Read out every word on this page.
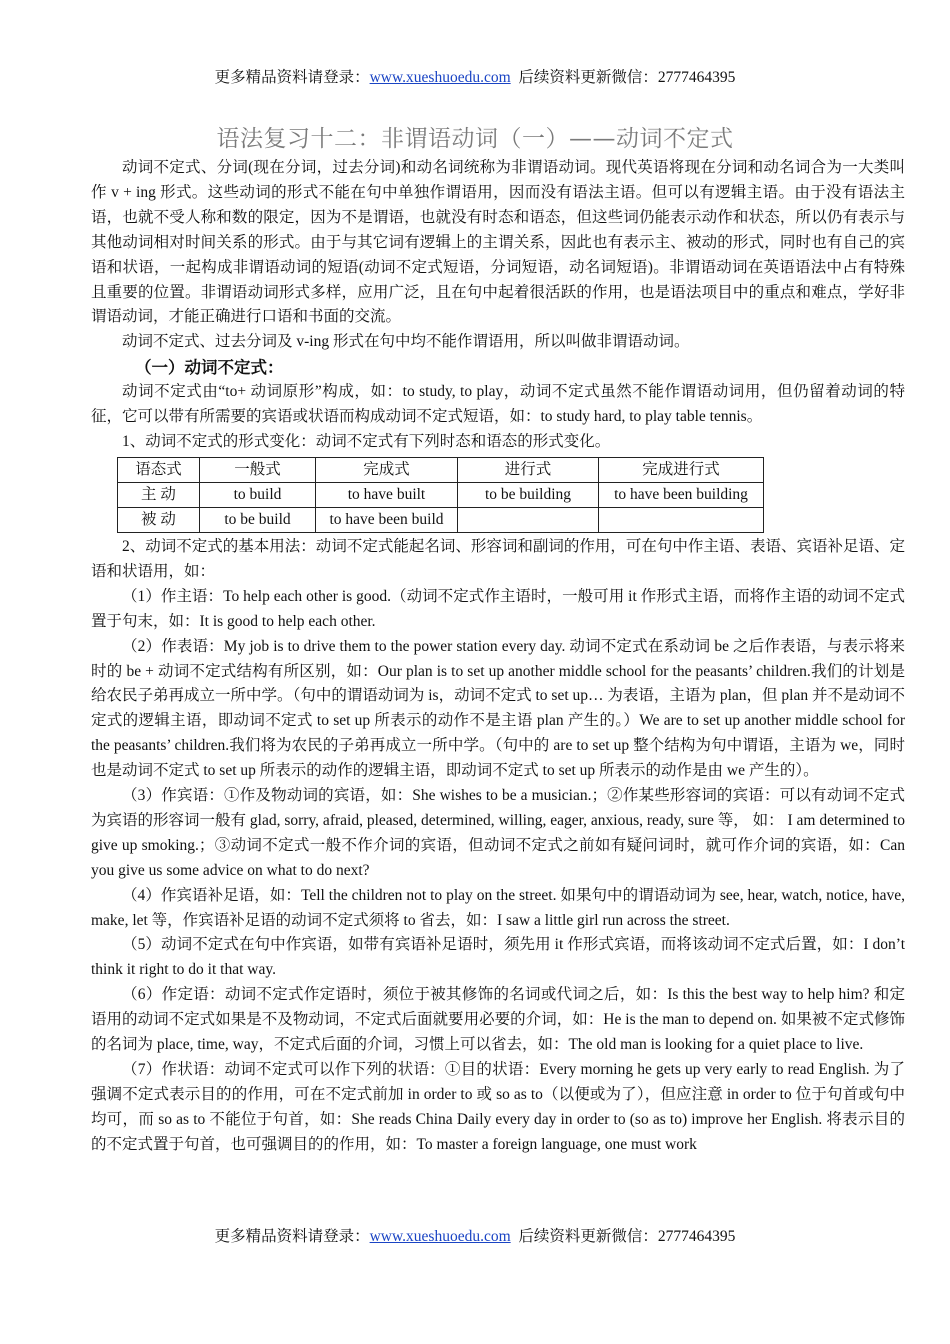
更多精品资料请登录：www.xueshuoedu.com  后续资料更新微信：2777464395
语法复习十二：非谓语动词（一）——动词不定式

动词不定式、分词(现在分词，过去分词)和动名词统称为非谓语动词。现代英语将现在分词和动名词合为一大类叫作 v + ing 形式。这些动词的形式不能在句中单独作谓语用，因而没有语法主语。但可以有逻辑主语。由于没有语法主语，也就不受人称和数的限定，因为不是谓语，也就没有时态和语态，但这些词仍能表示动作和状态，所以仍有表示与其他动词相对时间关系的形式。由于与其它词有逻辑上的主谓关系，因此也有表示主、被动的形式，同时也有自己的宾语和状语，一起构成非谓语动词的短语(动词不定式短语，分词短语，动名词短语)。非谓语动词在英语语法中占有特殊且重要的位置。非谓语动词形式多样，应用广泛，且在句中起着很活跃的作用，也是语法项目中的重点和难点，学好非谓语动词，才能正确进行口语和书面的交流。

动词不定式、过去分词及 v-ing 形式在句中均不能作谓语用，所以叫做非谓语动词。

（一）动词不定式：

动词不定式由“to+ 动词原形”构成，如：to study, to play，动词不定式虽然不能作谓语动词用，但仍留着动词的特征，它可以带有所需要的宾语或状语而构成动词不定式短语，如：to study hard, to play table tennis。

1、动词不定式的形式变化：动词不定式有下列时态和语态的形式变化。

语态式	一般式	完成式	进行式	完成进行式
主 动	to build	to have built	to be building	to have been building
被 动	to be build	to have been build		

2、动词不定式的基本用法：动词不定式能起名词、形容词和副词的作用，可在句中作主语、表语、宾语补足语、定语和状语用，如：

（1）作主语：To help each other is good.（动词不定式作主语时，一般可用 it 作形式主语，而将作主语的动词不定式置于句末，如：It is good to help each other.

（2）作表语：My job is to drive them to the power station every day. 动词不定式在系动词 be 之后作表语，与表示将来时的 be + 动词不定式结构有所区别，如：Our plan is to set up another middle school for the peasants’ children.我们的计划是给农民子弟再成立一所中学。（句中的谓语动词为 is，动词不定式 to set up… 为表语，主语为 plan，但 plan 并不是动词不定式的逻辑主语，即动词不定式 to set up 所表示的动作不是主语 plan 产生的。）We are to set up another middle school for the peasants’ children.我们将为农民的子弟再成立一所中学。（句中的 are to set up 整个结构为句中谓语，主语为 we，同时也是动词不定式 to set up 所表示的动作的逻辑主语，即动词不定式 to set up 所表示的动作是由 we 产生的）。

（3）作宾语：①作及物动词的宾语，如：She wishes to be a musician.；②作某些形容词的宾语：可以有动词不定式为宾语的形容词一般有 glad, sorry, afraid, pleased, determined, willing, eager, anxious, ready, sure 等， 如： I am determined to give up smoking.；③动词不定式一般不作介词的宾语，但动词不定式之前如有疑问词时，就可作介词的宾语，如：Can you give us some advice on what to do next?

（4）作宾语补足语，如：Tell the children not to play on the street. 如果句中的谓语动词为 see, hear, watch, notice, have, make, let 等，作宾语补足语的动词不定式须将 to 省去，如：I saw a little girl run across the street.

（5）动词不定式在句中作宾语，如带有宾语补足语时，须先用 it 作形式宾语，而将该动词不定式后置，如：I don’t think it right to do it that way.

（6）作定语：动词不定式作定语时，须位于被其修饰的名词或代词之后，如：Is this the best way to help him? 和定语用的动词不定式如果是不及物动词，不定式后面就要用必要的介词，如：He is the man to depend on. 如果被不定式修饰的名词为 place, time, way，不定式后面的介词，习惯上可以省去，如：The old man is looking for a quiet place to live.

（7）作状语：动词不定式可以作下列的状语：①目的状语：Every morning he gets up very early to read English. 为了强调不定式表示目的的作用，可在不定式前加 in order to 或 so as to（以便或为了），但应注意 in order to 位于句首或句中均可，而 so as to 不能位于句首，如：She reads China Daily every day in order to (so as to) improve her English. 将表示目的的不定式置于句首，也可强调目的的作用，如：To master a foreign language, one must work

更多精品资料请登录：www.xueshuoedu.com  后续资料更新微信：2777464395
